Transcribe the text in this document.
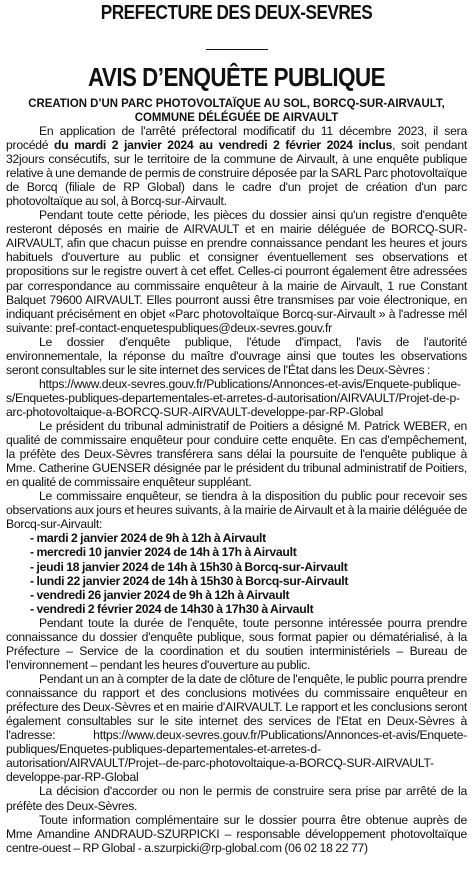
PREFECTURE DES DEUX-SEVRES
AVIS D’ENQUÊTE PUBLIQUE
CREATION D’UN PARC PHOTOVOLTAÏQUE AU SOL, BORCQ-SUR-AIRVAULT,
COMMUNE DÉLÉGUÉE DE AIRVAULT

En application de l'arrêté préfectoral modificatif du 11 décembre 2023, il sera procédé du mardi 2 janvier 2024 au vendredi 2 février 2024 inclus, soit pendant 32jours consécutifs, sur le territoire de la commune de Airvault, à une enquête publique relative à une demande de permis de construire déposée par la SARL Parc photovoltaïque de Borcq (filiale de RP Global) dans le cadre d'un projet de création d'un parc photovoltaïque au sol, à Borcq-sur-Airvault.

Pendant toute cette période, les pièces du dossier ainsi qu'un registre d'enquête resteront déposés en mairie de AIRVAULT et en mairie déléguée de BORCQ-SUR-AIRVAULT, afin que chacun puisse en prendre connaissance pendant les heures et jours habituels d'ouverture au public et consigner éventuellement ses observations et propositions sur le registre ouvert à cet effet. Celles-ci pourront également être adressées par correspondance au commissaire enquêteur à la mairie de Airvault, 1 rue Constant Balquet 79600 AIRVAULT. Elles pourront aussi être transmises par voie électronique, en indiquant précisément en objet «Parc photovoltaïque Borcq-sur-Airvault » à l'adresse mél suivante: pref-contact-enquetespubliques@deux-sevres.gouv.fr

Le dossier d'enquête publique, l'étude d'impact, l'avis de l'autorité environnementale, la réponse du maître d'ouvrage ainsi que toutes les observations seront consultables sur le site internet des services de l'État dans les Deux-Sèvres :

https://www.deux-sevres.gouv.fr/Publications/Annonces-et-avis/Enquete-publique-s/Enquetes-publiques-departementales-et-arretes-d-autorisation/AIRVAULT/Projet-de-p-arc-photovoltaique-a-BORCQ-SUR-AIRVAULT-developpe-par-RP-Global

Le président du tribunal administratif de Poitiers a désigné M. Patrick WEBER, en qualité de commissaire enquêteur pour conduire cette enquête. En cas d'empêchement, la préfète des Deux-Sèvres transférera sans délai la poursuite de l'enquête publique à Mme. Catherine GUENSER désignée par le président du tribunal administratif de Poitiers, en qualité de commissaire enquêteur suppléant.

Le commissaire enquêteur, se tiendra à la disposition du public pour recevoir ses observations aux jours et heures suivants, à la mairie de Airvault et à la mairie déléguée de Borcq-sur-Airvault:

- mardi 2 janvier 2024 de 9h à 12h à Airvault
- mercredi 10 janvier 2024 de 14h à 17h à Airvault
- jeudi 18 janvier 2024 de 14h à 15h30 à Borcq-sur-Airvault
- lundi 22 janvier 2024 de 14h à 15h30 à Borcq-sur-Airvault
- vendredi 26 janvier 2024 de 9h à 12h à Airvault
- vendredi 2 février 2024 de 14h30 à 17h30 à Airvault

Pendant toute la durée de l'enquête, toute personne intéressée pourra prendre connaissance du dossier d'enquête publique, sous format papier ou dématérialisé, à la Préfecture – Service de la coordination et du soutien interministériels – Bureau de l'environnement – pendant les heures d'ouverture au public.

Pendant un an à compter de la date de clôture de l'enquête, le public pourra prendre connaissance du rapport et des conclusions motivées du commissaire enquêteur en préfecture des Deux-Sèvres et en mairie d'AIRVAULT. Le rapport et les conclusions seront également consultables sur le site internet des services de l'Etat en Deux-Sèvres à l'adresse: https://www.deux-sevres.gouv.fr/Publications/Annonces-et-avis/Enquete-publiques/Enquetes-publiques-departementales-et-arretes-d-autorisation/AIRVAULT/Projet--de-parc-photovoltaique-a-BORCQ-SUR-AIRVAULT-developpe-par-RP-Global

La décision d'accorder ou non le permis de construire sera prise par arrêté de la préfète des Deux-Sèvres.

Toute information complémentaire sur le dossier pourra être obtenue auprès de Mme Amandine ANDRAUD-SZURPICKI – responsable développement photovoltaïque centre-ouest – RP Global - a.szurpicki@rp-global.com (06 02 18 22 77)
